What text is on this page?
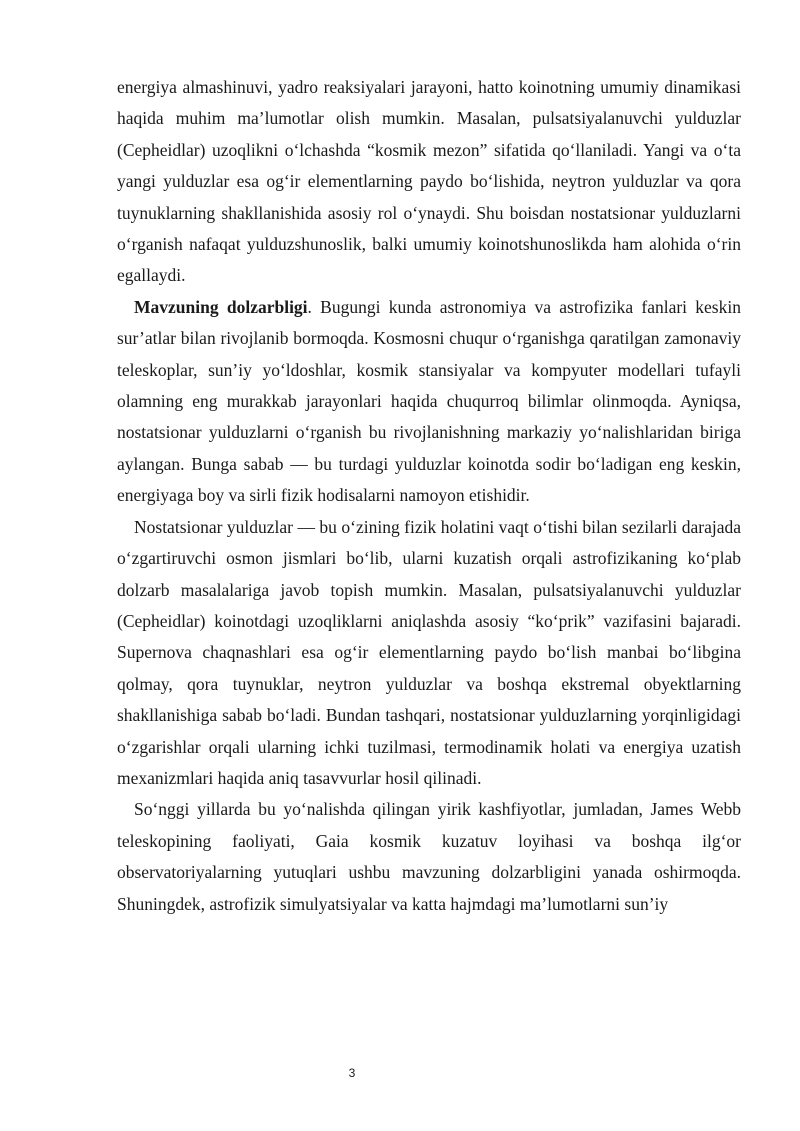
energiya almashinuvi, yadro reaksiyalari jarayoni, hatto koinotning umumiy dinamikasi haqida muhim ma’lumotlar olish mumkin. Masalan, pulsatsiyalanuvchi yulduzlar (Cepheidlar) uzoqlikni o‘lchashda “kosmik mezon” sifatida qo‘llaniladi. Yangi va o‘ta yangi yulduzlar esa og‘ir elementlarning paydo bo‘lishida, neytron yulduzlar va qora tuynuklarning shakllanishida asosiy rol o‘ynaydi. Shu boisdan nostatsionar yulduzlarni o‘rganish nafaqat yulduzshunoslik, balki umumiy koinotshunoslikda ham alohida o‘rin egallaydi.

Mavzuning dolzarbligi. Bugungi kunda astronomiya va astrofizika fanlari keskin sur’atlar bilan rivojlanib bormoqda. Kosmosni chuqur o‘rganishga qaratilgan zamonaviy teleskoplar, sun’iy yo‘ldoshlar, kosmik stansiyalar va kompyuter modellari tufayli olamning eng murakkab jarayonlari haqida chuqurroq bilimlar olinmoqda. Ayniqsa, nostatsionar yulduzlarni o‘rganish bu rivojlanishning markaziy yo‘nalishlaridan biriga aylangan. Bunga sabab — bu turdagi yulduzlar koinotda sodir bo‘ladigan eng keskin, energiyaga boy va sirli fizik hodisalarni namoyon etishidir.

Nostatsionar yulduzlar — bu o‘zining fizik holatini vaqt o‘tishi bilan sezilarli darajada o‘zgartiruvchi osmon jismlari bo‘lib, ularni kuzatish orqali astrofizikaning ko‘plab dolzarb masalalariga javob topish mumkin. Masalan, pulsatsiyalanuvchi yulduzlar (Cepheidlar) koinotdagi uzoqliklarni aniqlashda asosiy “ko‘prik” vazifasini bajaradi. Supernova chaqnashlari esa og‘ir elementlarning paydo bo‘lish manbai bo‘libgina qolmay, qora tuynuklar, neytron yulduzlar va boshqa ekstremal obyektlarning shakllanishiga sabab bo‘ladi. Bundan tashqari, nostatsionar yulduzlarning yorqinligidagi o‘zgarishlar orqali ularning ichki tuzilmasi, termodinamik holati va energiya uzatish mexanizmlari haqida aniq tasavvurlar hosil qilinadi.

So‘nggi yillarda bu yo‘nalishda qilingan yirik kashfiyotlar, jumladan, James Webb teleskopining faoliyati, Gaia kosmik kuzatuv loyihasi va boshqa ilg‘or observatoriyalarning yutuqlari ushbu mavzuning dolzarbligini yanada oshirmoqda. Shuningdek, astrofizik simulyatsiyalar va katta hajmdagi ma’lumotlarni sun’iy

3
